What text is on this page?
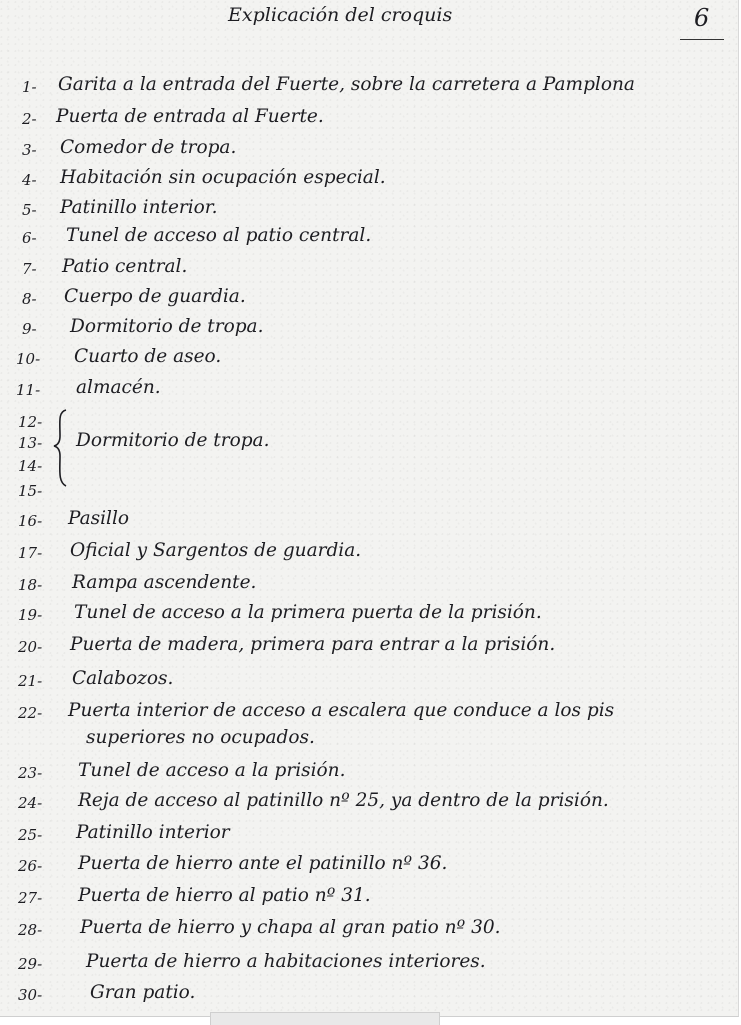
Explicación del croquis	6
1- Garita a la entrada del Fuerte, sobre la carretera a Pamplona
2- Puerta de entrada al Fuerte.
3- Comedor de tropa.
4- Habitación sin ocupación especial.
5- Patinillo interior.
6- Tunel de acceso al patio central.
7- Patio central.
8- Cuerpo de guardia.
9- Dormitorio de tropa.
10- Cuarto de aseo.
11- almacén.
12-
13- Dormitorio de tropa.
14-
15-
16- Pasillo
17- Oficial y Sargentos de guardia.
18- Rampa ascendente.
19- Tunel de acceso a la primera puerta de la prisión.
20- Puerta de madera, primera para entrar a la prisión.
21- Calabozos.
22- Puerta interior de acceso a escalera que conduce a los pis
superiores no ocupados.
23- Tunel de acceso a la prisión.
24- Reja de acceso al patinillo nº 25, ya dentro de la prisión.
25- Patinillo interior
26- Puerta de hierro ante el patinillo nº 36.
27- Puerta de hierro al patio nº 31.
28- Puerta de hierro y chapa al gran patio nº 30.
29- Puerta de hierro a habitaciones interiores.
30-	Gran patio.
